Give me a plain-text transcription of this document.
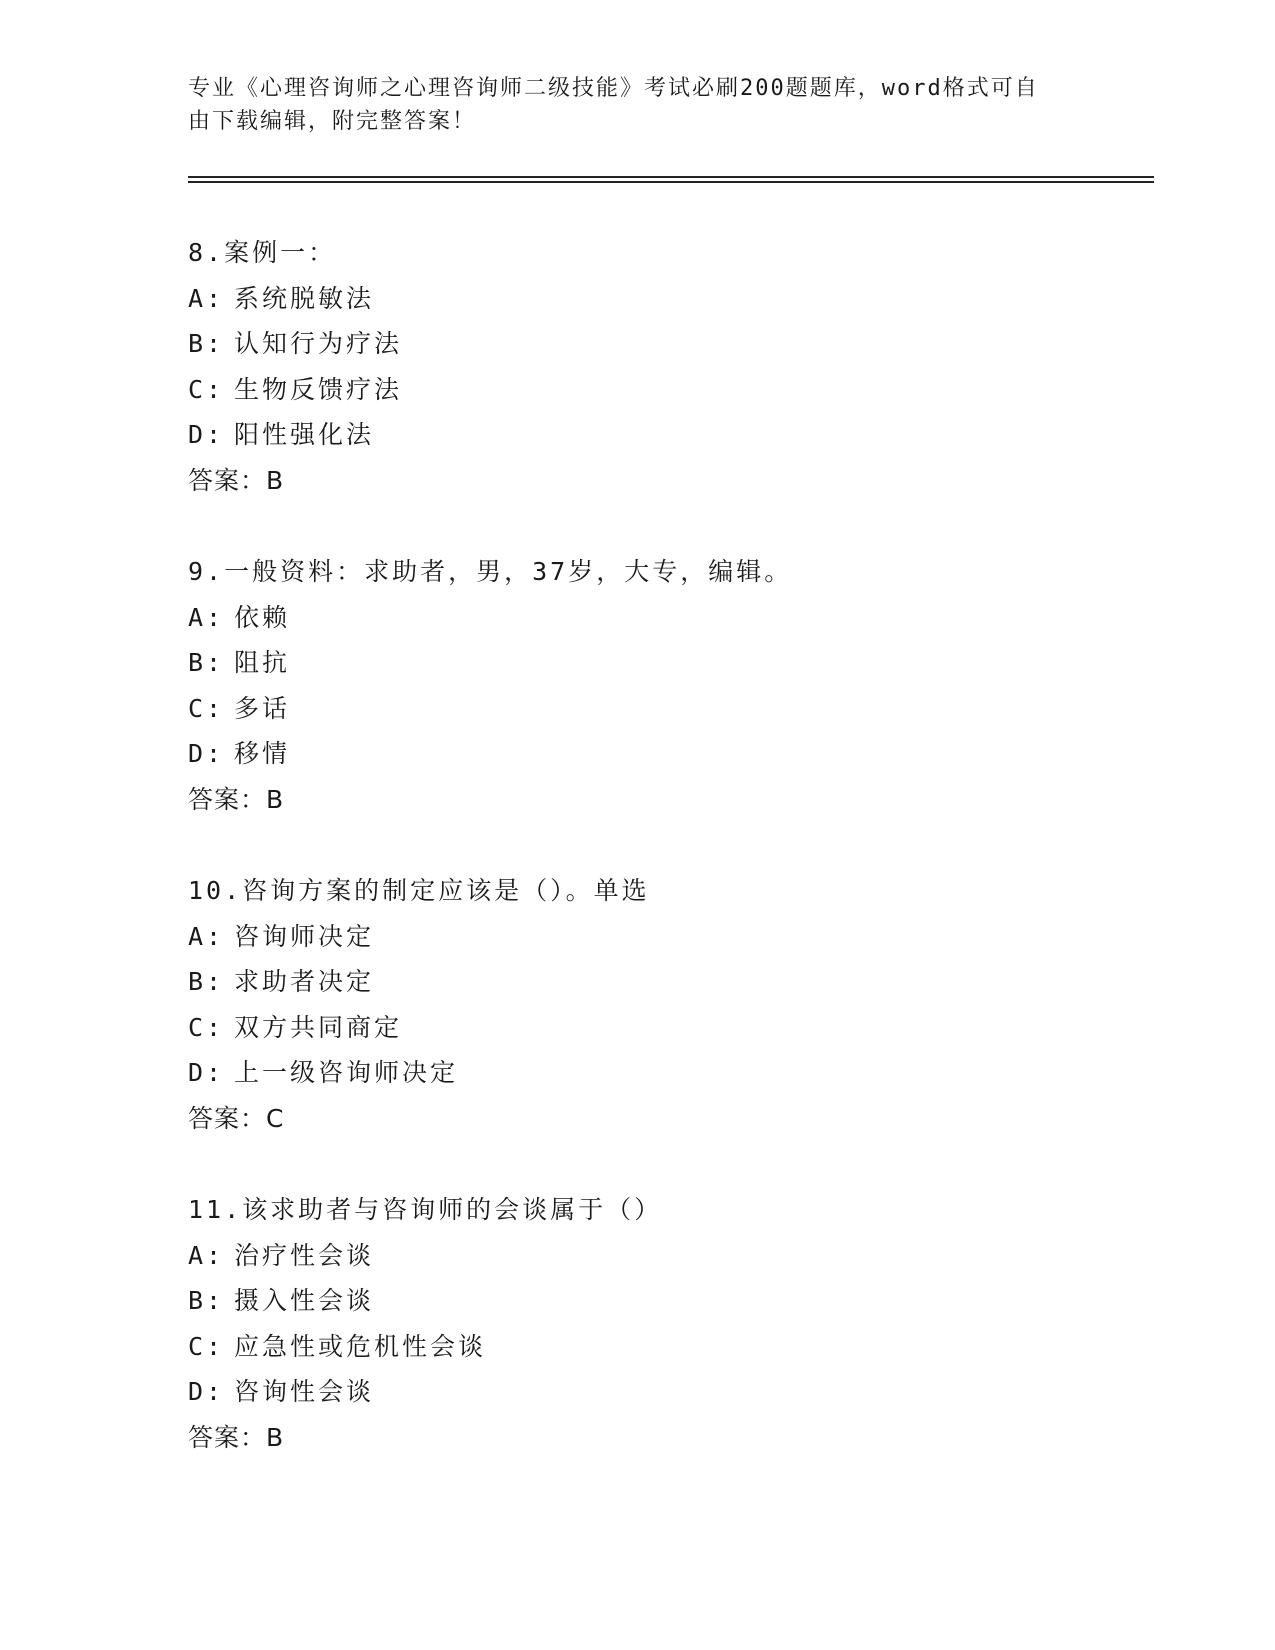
专业《心理咨询师之心理咨询师二级技能》考试必刷200题题库，word格式可自
由下载编辑，附完整答案！
8.案例一：
A: 系统脱敏法
B: 认知行为疗法
C: 生物反馈疗法
D: 阳性强化法
答案：B
9.一般资料：求助者，男，37岁，大专，编辑。
A: 依赖
B: 阻抗
C: 多话
D: 移情
答案：B
10.咨询方案的制定应该是（）。单选
A: 咨询师决定
B: 求助者决定
C: 双方共同商定
D: 上一级咨询师决定
答案：C
11.该求助者与咨询师的会谈属于（）
A: 治疗性会谈
B: 摄入性会谈
C: 应急性或危机性会谈
D: 咨询性会谈
答案：B
